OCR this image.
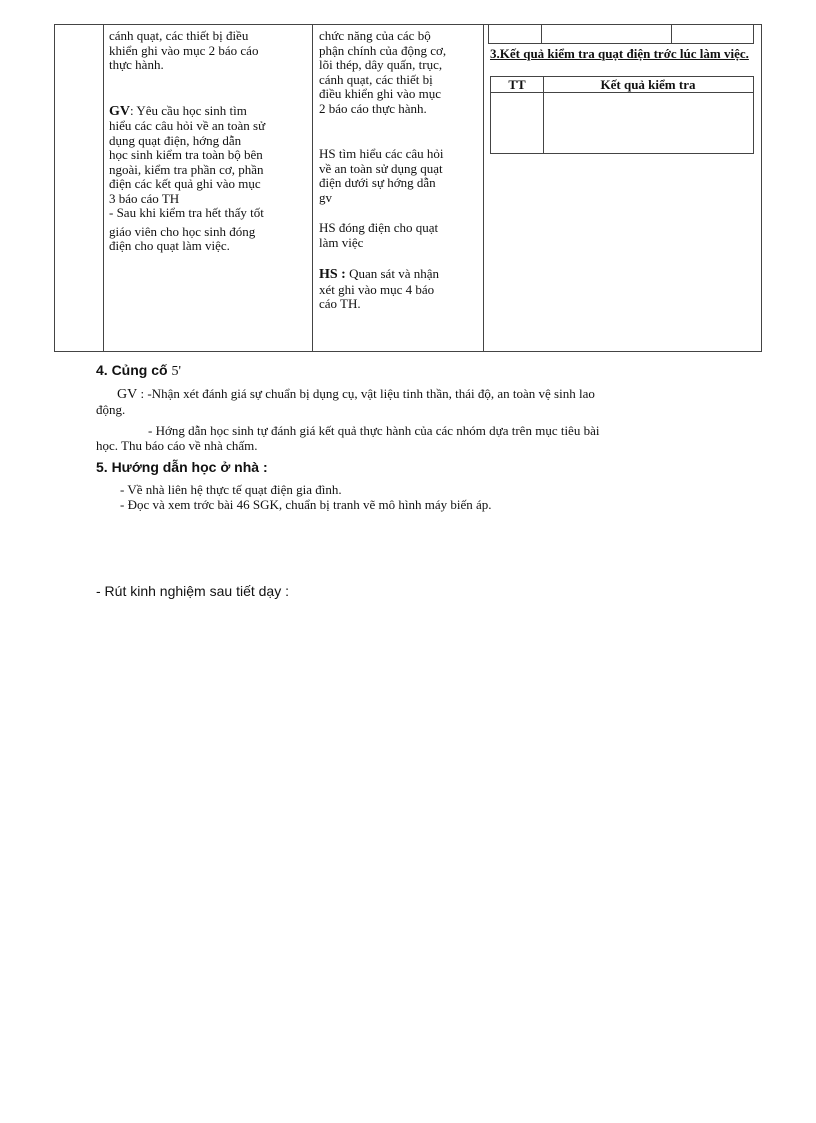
cánh quạt, các thiết bị điều

khiển ghi vào mục 2 báo cáo

thực hành.

GV: Yêu cầu học sinh tìm

hiểu các câu hỏi về an toàn sử

dụng quạt điện, hớng dẫn

học sinh kiểm tra toàn bộ bên

ngoài, kiểm tra phần cơ, phần

điện các kết quả ghi vào mục

3 báo cáo TH

- Sau khi kiểm tra hết thấy tốt

giáo viên cho học sinh đóng

điện cho quạt làm việc.

chức năng của các bộ

phận chính của động cơ,

lõi thép, dây quấn, trục,

cánh quạt, các thiết bị

điều khiển ghi vào mục

2 báo cáo thực hành.

HS tìm hiểu các câu hỏi

về an toàn sử dụng quạt

điện dưới sự hớng dẫn

gv

HS đóng điện cho quạt

làm việc

HS : Quan sát và nhận

xét ghi vào mục 4 báo

cáo TH.

3.Kết quả kiểm tra quạt điện trớc lúc làm việc.
TT	Kết quả kiểm tra
4. Củng cố 5'
GV : -Nhận xét đánh giá sự chuẩn bị dụng cụ, vật liệu tinh thần, thái độ, an toàn vệ sinh lao
động.
- Hớng dẫn học sinh tự đánh giá kết quả thực hành của các nhóm dựa trên mục tiêu bài
học. Thu báo cáo về nhà chấm.
5. Hướng dẫn học ở nhà :
- Về nhà liên hệ thực tế quạt điện gia đình.
- Đọc và xem trớc bài 46 SGK, chuẩn bị tranh vẽ mô hình máy biến áp.
- Rút kinh nghiệm sau tiết dạy :
